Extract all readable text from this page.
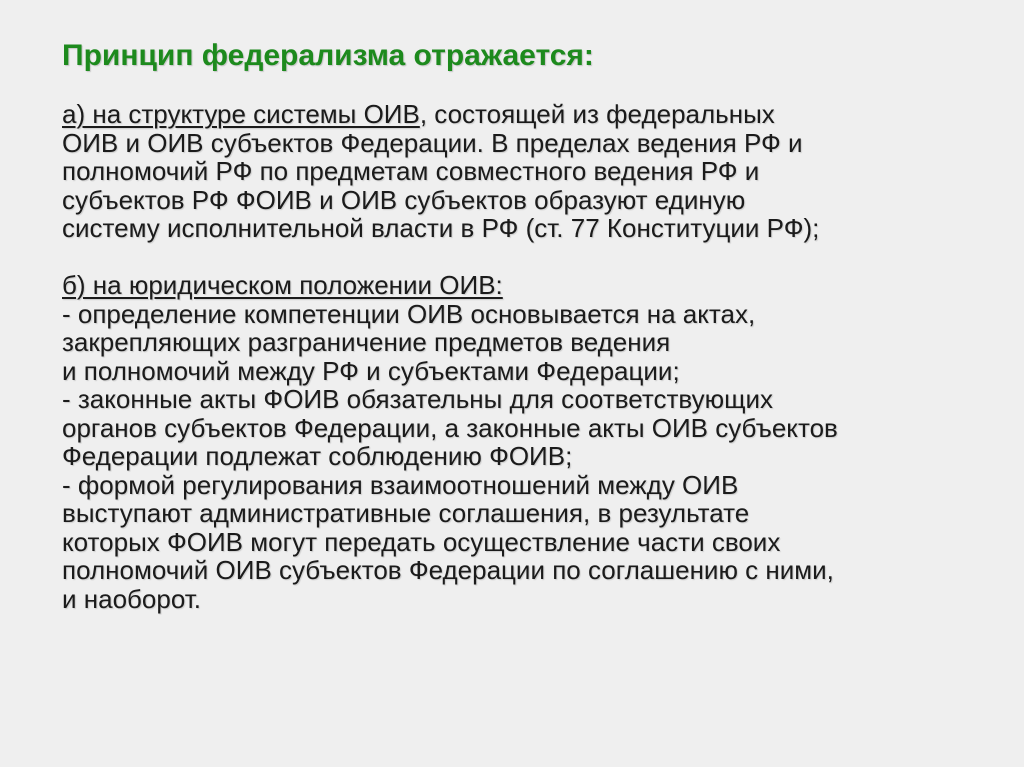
Принцип федерализма отражается:
а) на структуре системы ОИВ, состоящей из федеральных
ОИВ и ОИВ субъектов Федерации. В пределах ведения РФ и
полномочий РФ по предметам совместного ведения РФ и
субъектов РФ ФОИВ и ОИВ субъектов образуют единую
систему исполнительной власти в РФ (ст. 77 Конституции РФ);
б) на юридическом положении ОИВ:
- определение компетенции ОИВ основывается на актах,
закрепляющих разграничение предметов ведения
и полномочий между РФ и субъектами Федерации;
- законные акты ФОИВ обязательны для соответствующих
органов субъектов Федерации, а законные акты ОИВ субъектов
Федерации подлежат соблюдению ФОИВ;
- формой регулирования взаимоотношений между ОИВ
выступают административные соглашения, в результате
которых ФОИВ могут передать осуществление части своих
полномочий ОИВ субъектов Федерации по соглашению с ними,
и наоборот.
